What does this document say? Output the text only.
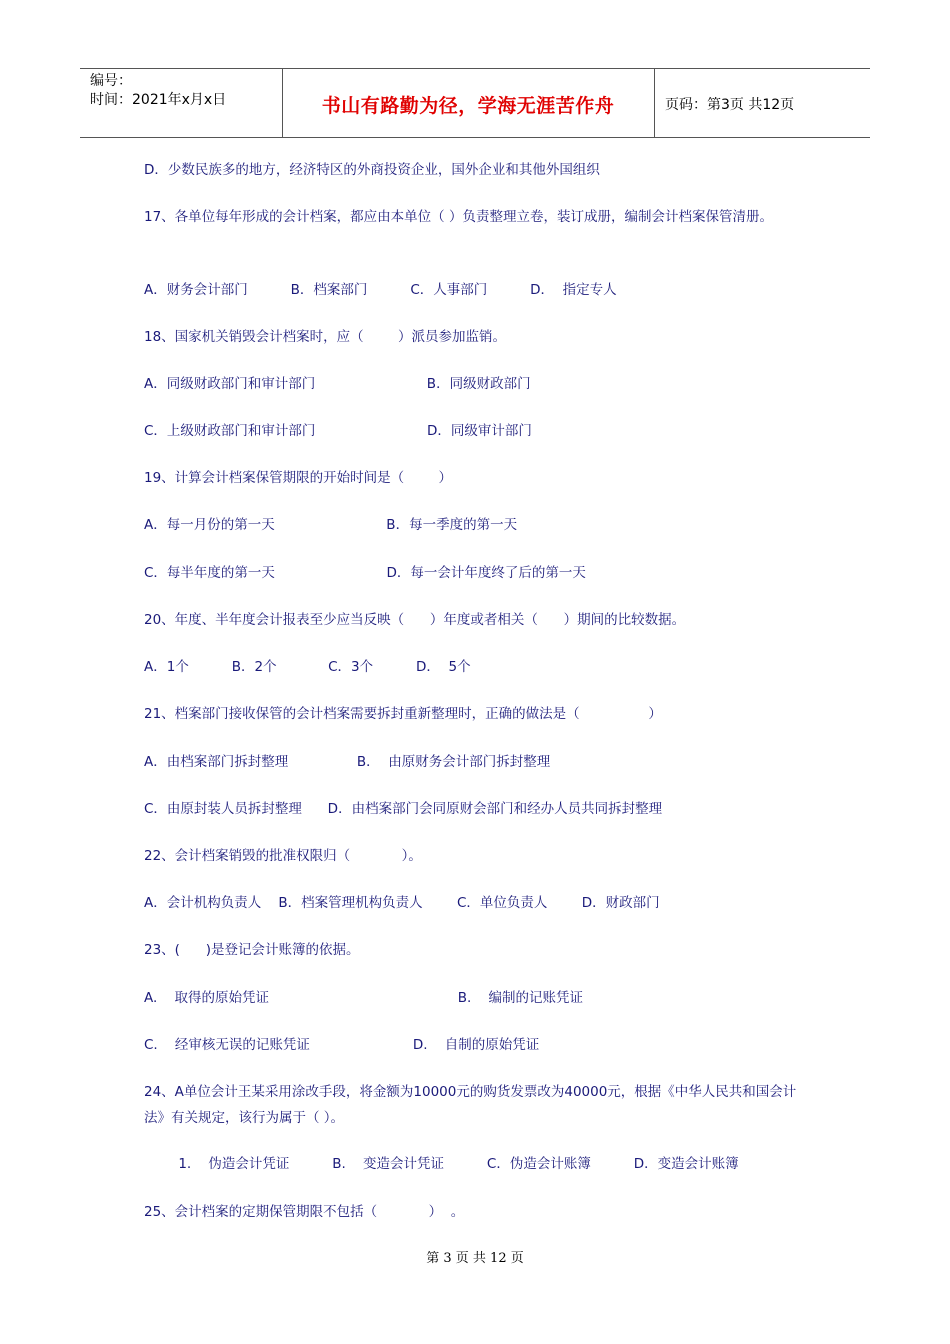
编号：
时间：2021年x月x日	书山有路勤为径，学海无涯苦作舟	页码：第3页 共12页
D．少数民族多的地方，经济特区的外商投资企业，国外企业和其他外国组织
17、各单位每年形成的会计档案，都应由本单位（ ）负责整理立卷，装订成册，编制会计档案保管清册。
A．财务会计部门          B．档案部门          C．人事部门          D．  指定专人
18、国家机关销毁会计档案时，应（        ）派员参加监销。
A．同级财政部门和审计部门                          B．同级财政部门
C．上级财政部门和审计部门                          D．同级审计部门
19、计算会计档案保管期限的开始时间是（        ）
A．每一月份的第一天                          B．每一季度的第一天
C．每半年度的第一天                          D．每一会计年度终了后的第一天
20、年度、半年度会计报表至少应当反映（      ）年度或者相关（      ）期间的比较数据。
A．1个          B．2个            C．3个          D．  5个
21、档案部门接收保管的会计档案需要拆封重新整理时，正确的做法是（                ）
A．由档案部门拆封整理                B．  由原财务会计部门拆封整理
C．由原封装人员拆封整理      D．由档案部门会同原财会部门和经办人员共同拆封整理
22、会计档案销毁的批准权限归（            ）。
A．会计机构负责人    B．档案管理机构负责人        C．单位负责人        D．财政部门
23、(      )是登记会计账簿的依据。
A.    取得的原始凭证                                            B.    编制的记账凭证
C.    经审核无误的记账凭证                        D.    自制的原始凭证
24、A单位会计王某采用涂改手段，将金额为10000元的购货发票改为40000元，根据《中华人民共和国会计法》有关规定，该行为属于（ ）。
1.    伪造会计凭证          B.    变造会计凭证          C．伪造会计账簿          D．变造会计账簿
25、会计档案的定期保管期限不包括（            ）  。
第 3 页 共 12 页
